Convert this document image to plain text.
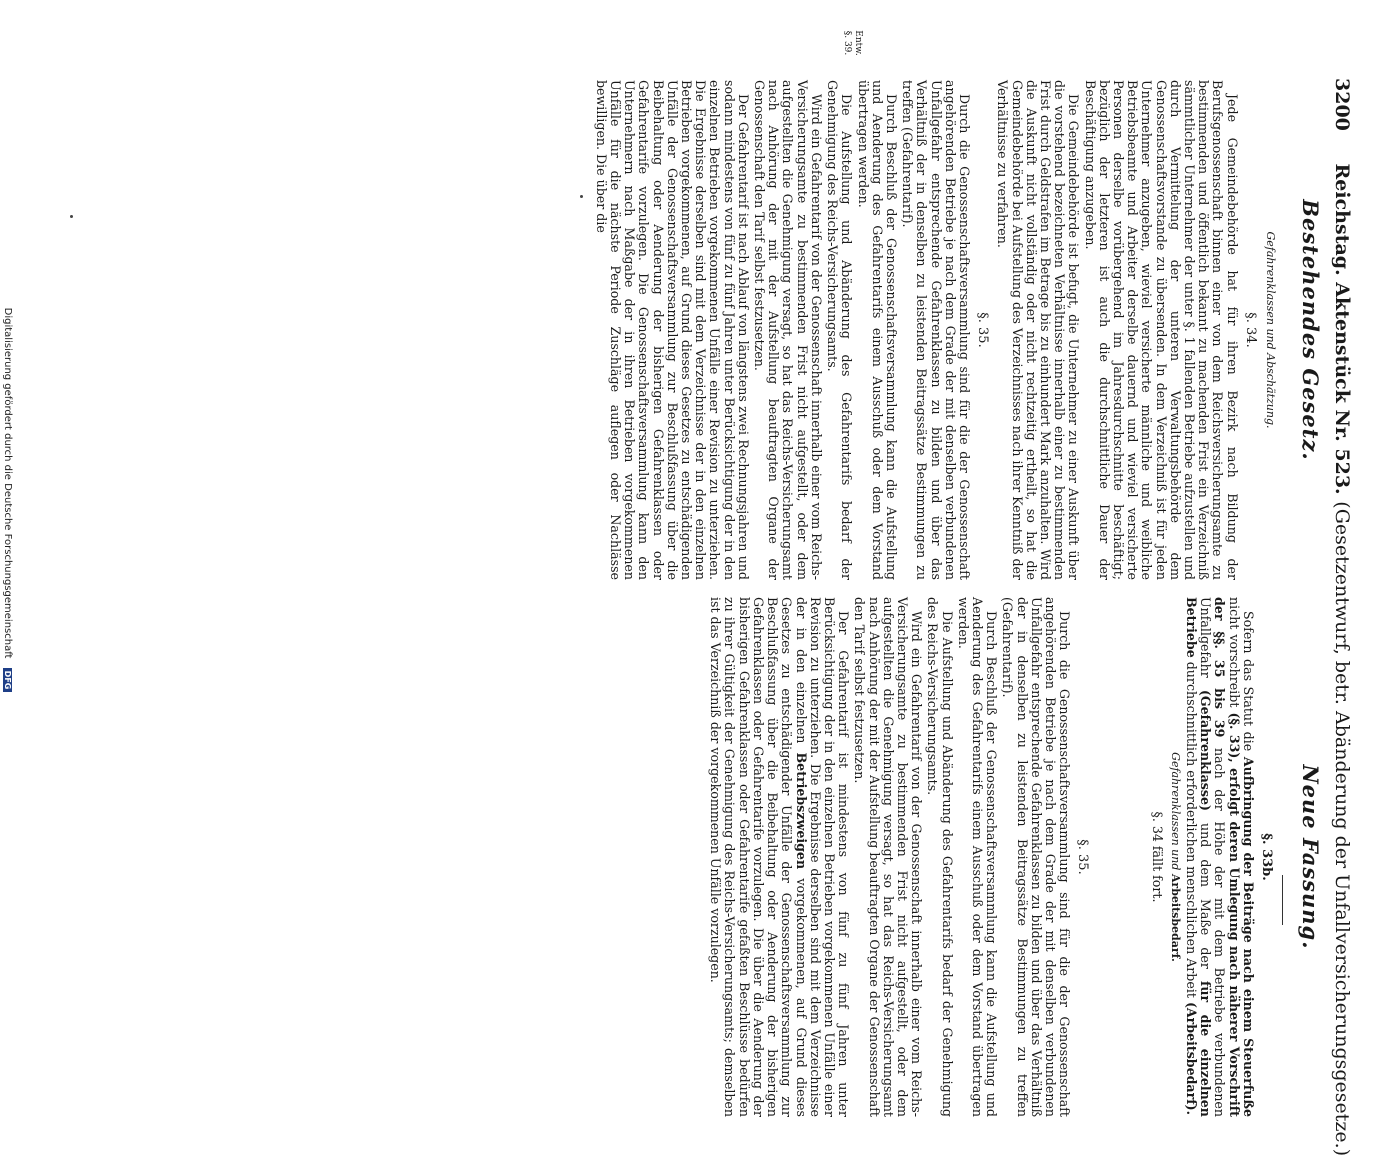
3200 Reichstag. Aktenstück Nr. 523. (Gesetzentwurf, betr. Abänderung der Unfallversicherungsgesetze.)
Bestehendes Gesetz.
Neue Fassung.
Entw.
§. 39.
Gefahrenklassen und Abschätzung.
§. 34.

Jede Gemeindebehörde hat für ihren Bezirk nach Bildung der Berufsgenossenschaft binnen einer von dem Reichsversicherungsamte zu bestimmenden und öffentlich bekannt zu machenden Frist ein Verzeichniß sämmtlicher Unternehmer der unter §. 1 fallenden Betriebe aufzustellen und durch Vermittelung der unteren Verwaltungsbehörde dem Genossenschaftsvorstande zu übersenden. In dem Verzeichniß ist für jeden Unternehmer anzugeben, wieviel versicherte männliche und weibliche Betriebsbeamte und Arbeiter derselbe dauernd und wieviel versicherte Personen derselbe vorübergehend im Jahresdurchschnitte beschäftigt; bezüglich der letzteren ist auch die durchschnittliche Dauer der Beschäftigung anzugeben.

Die Gemeindebehörde ist befugt, die Unternehmer zu einer Auskunft über die vorstehend bezeichneten Verhältnisse innerhalb einer zu bestimmenden Frist durch Geldstrafen im Betrage bis zu einhundert Mark anzuhalten. Wird die Auskunft nicht vollständig oder nicht rechtzeitig ertheilt, so hat die Gemeindebehörde bei Aufstellung des Verzeichnisses nach ihrer Kenntniß der Verhältnisse zu verfahren.

§. 35.

Durch die Genossenschaftsversammlung sind für die der Genossenschaft angehörenden Betriebe je nach dem Grade der mit denselben verbundenen Unfallgefahr entsprechende Gefahrenklassen zu bilden und über das Verhältniß der in denselben zu leistenden Beitragssätze Bestimmungen zu treffen (Gefahrentarif).

Durch Beschluß der Genossenschaftsversammlung kann die Aufstellung und Aenderung des Gefahrentarifs einem Ausschuß oder dem Vorstand übertragen werden.

Die Aufstellung und Abänderung des Gefahrentarifs bedarf der Genehmigung des Reichs-Versicherungsamts.

Wird ein Gefahrentarif von der Genossenschaft innerhalb einer vom Reichs-Versicherungsamte zu bestimmenden Frist nicht aufgestellt, oder dem aufgestellten die Genehmigung versagt, so hat das Reichs-Versicherungsamt nach Anhörung der mit der Aufstellung beauftragten Organe der Genossenschaft den Tarif selbst festzusetzen.

Der Gefahrentarif ist nach Ablauf von längstens zwei Rechnungsjahren und sodann mindestens von fünf zu fünf Jahren unter Berücksichtigung der in den einzelnen Betrieben vorgekommenen Unfälle einer Revision zu unterziehen. Die Ergebnisse derselben sind mit dem Verzeichnisse der in den einzelnen Betrieben vorgekommenen, auf Grund dieses Gesetzes zu entschädigenden Unfälle der Genossenschaftsversammlung zur Beschlußfassung über die Beibehaltung oder Aenderung der bisherigen Gefahrenklassen oder Gefahrentarife vorzulegen. Die Genossenschaftsversammlung kann den Unternehmern nach Maßgabe der in ihren Betrieben vorgekommenen Unfälle für die nächste Periode Zuschläge auflegen oder Nachlässe bewilligen. Die über die

§. 33b.

Sofern das Statut die Aufbringung der Beiträge nach einem Steuerfuße nicht vorschreibt (§. 33), erfolgt deren Umlegung nach näherer Vorschrift der §§. 35 bis 39 nach der Höhe der mit dem Betriebe verbundenen Unfallgefahr (Gefahrenklasse) und dem Maße der für die einzelnen Betriebe durchschnittlich erforderlichen menschlichen Arbeit (Arbeitsbedarf).

Gefahrenklassen und Arbeitsbedarf.
§. 34 fällt fort.
§. 35.

Durch die Genossenschaftsversammlung sind für die der Genossenschaft angehörenden Betriebe je nach dem Grade der mit denselben verbundenen Unfallgefahr entsprechende Gefahrenklassen zu bilden und über das Verhältniß der in denselben zu leistenden Beitragssätze Bestimmungen zu treffen (Gefahrentarif).

Durch Beschluß der Genossenschaftsversammlung kann die Aufstellung und Aenderung des Gefahrentarifs einem Ausschuß oder dem Vorstand übertragen werden.

Die Aufstellung und Abänderung des Gefahrentarifs bedarf der Genehmigung des Reichs-Versicherungsamts.

Wird ein Gefahrentarif von der Genossenschaft innerhalb einer vom Reichs-Versicherungsamte zu bestimmenden Frist nicht aufgestellt, oder dem aufgestellten die Genehmigung versagt, so hat das Reichs-Versicherungsamt nach Anhörung der mit der Aufstellung beauftragten Organe der Genossenschaft den Tarif selbst festzusetzen.

Der Gefahrentarif ist mindestens von fünf zu fünf Jahren unter Berücksichtigung der in den einzelnen Betrieben vorgekommenen Unfälle einer Revision zu unterziehen. Die Ergebnisse derselben sind mit dem Verzeichnisse der in den einzelnen Betriebszweigen vorgekommenen, auf Grund dieses Gesetzes zu entschädigender Unfälle der Genossenschaftsversammlung zur Beschlußfassung über die Beibehaltung oder Aenderung der bisherigen Gefahrenklassen oder Gefahrentarife vorzulegen. Die über die Aenderung der bisherigen Gefahrenklassen oder Gefahrentarife gefaßten Beschlüsse bedürfen zu ihrer Gültigkeit der Genehmigung des Reichs-Versicherungsamts; demselben ist das Verzeichniß der vorgekommenen Unfälle vorzulegen.

Digitalisierung gefördert durch die Deutsche Forschungsgemeinschaft DFG
